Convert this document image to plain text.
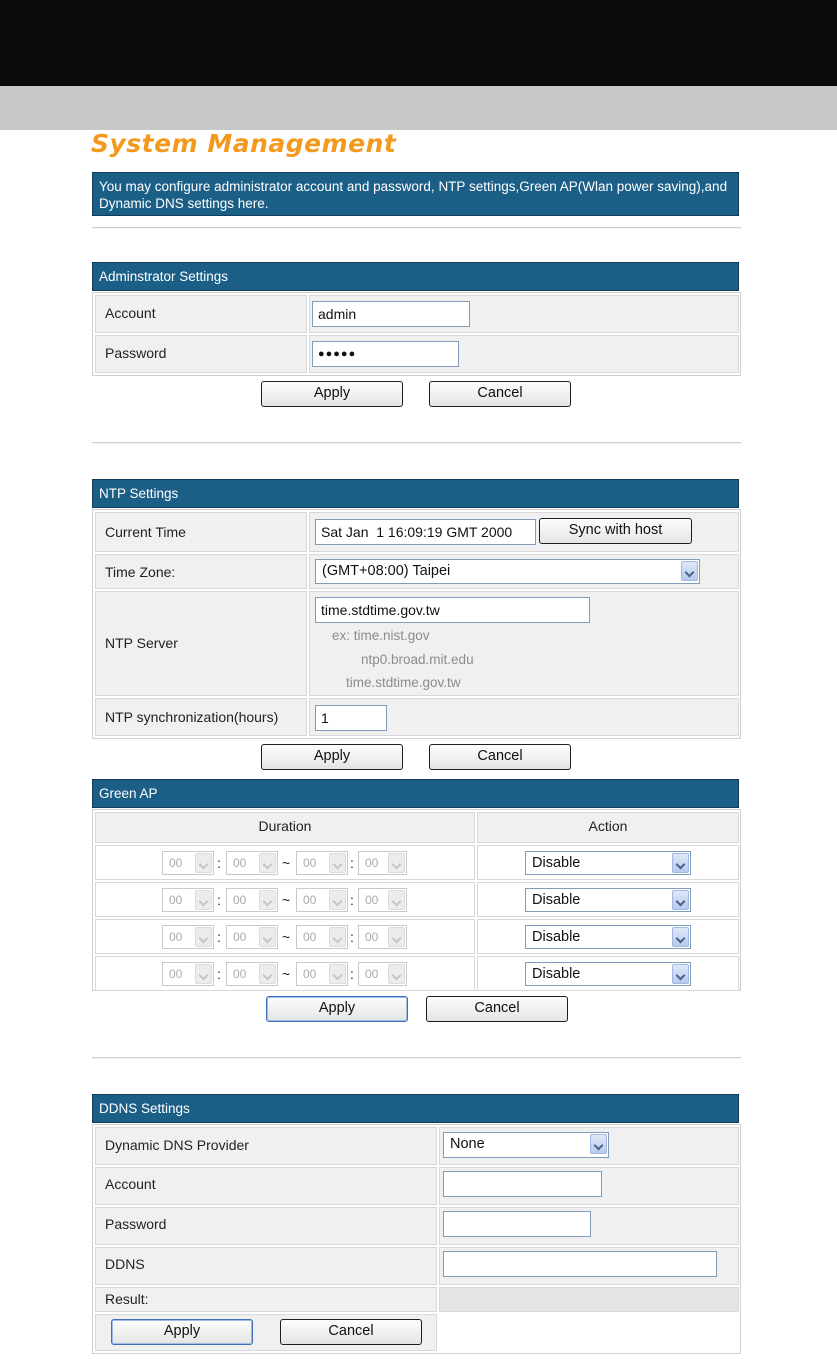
System Management
You may configure administrator account and password, NTP settings,Green AP(Wlan power saving),and Dynamic DNS settings here.
Adminstrator Settings
Account	admin
Password	●●●●●
Apply	Cancel
NTP Settings
Current Time	Sat Jan  1 16:09:19 GMT 2000	Sync with host
Time Zone:	(GMT+08:00) Taipei
NTP Server
time.stdtime.gov.tw
ex: time.nist.gov
ntp0.broad.mit.edu
time.stdtime.gov.tw
NTP synchronization(hours)	1
Apply	Cancel
Green AP
Duration	Action
00	:	00	~	00	: 00	Disable
00	:	00	~	00	: 00	Disable
00	:	00	~	00	: 00	Disable
00	:	00	~	00	: 00	Disable
Apply	Cancel
DDNS Settings
Dynamic DNS Provider	None
Account
Password
DDNS
Result:
Apply	Cancel
